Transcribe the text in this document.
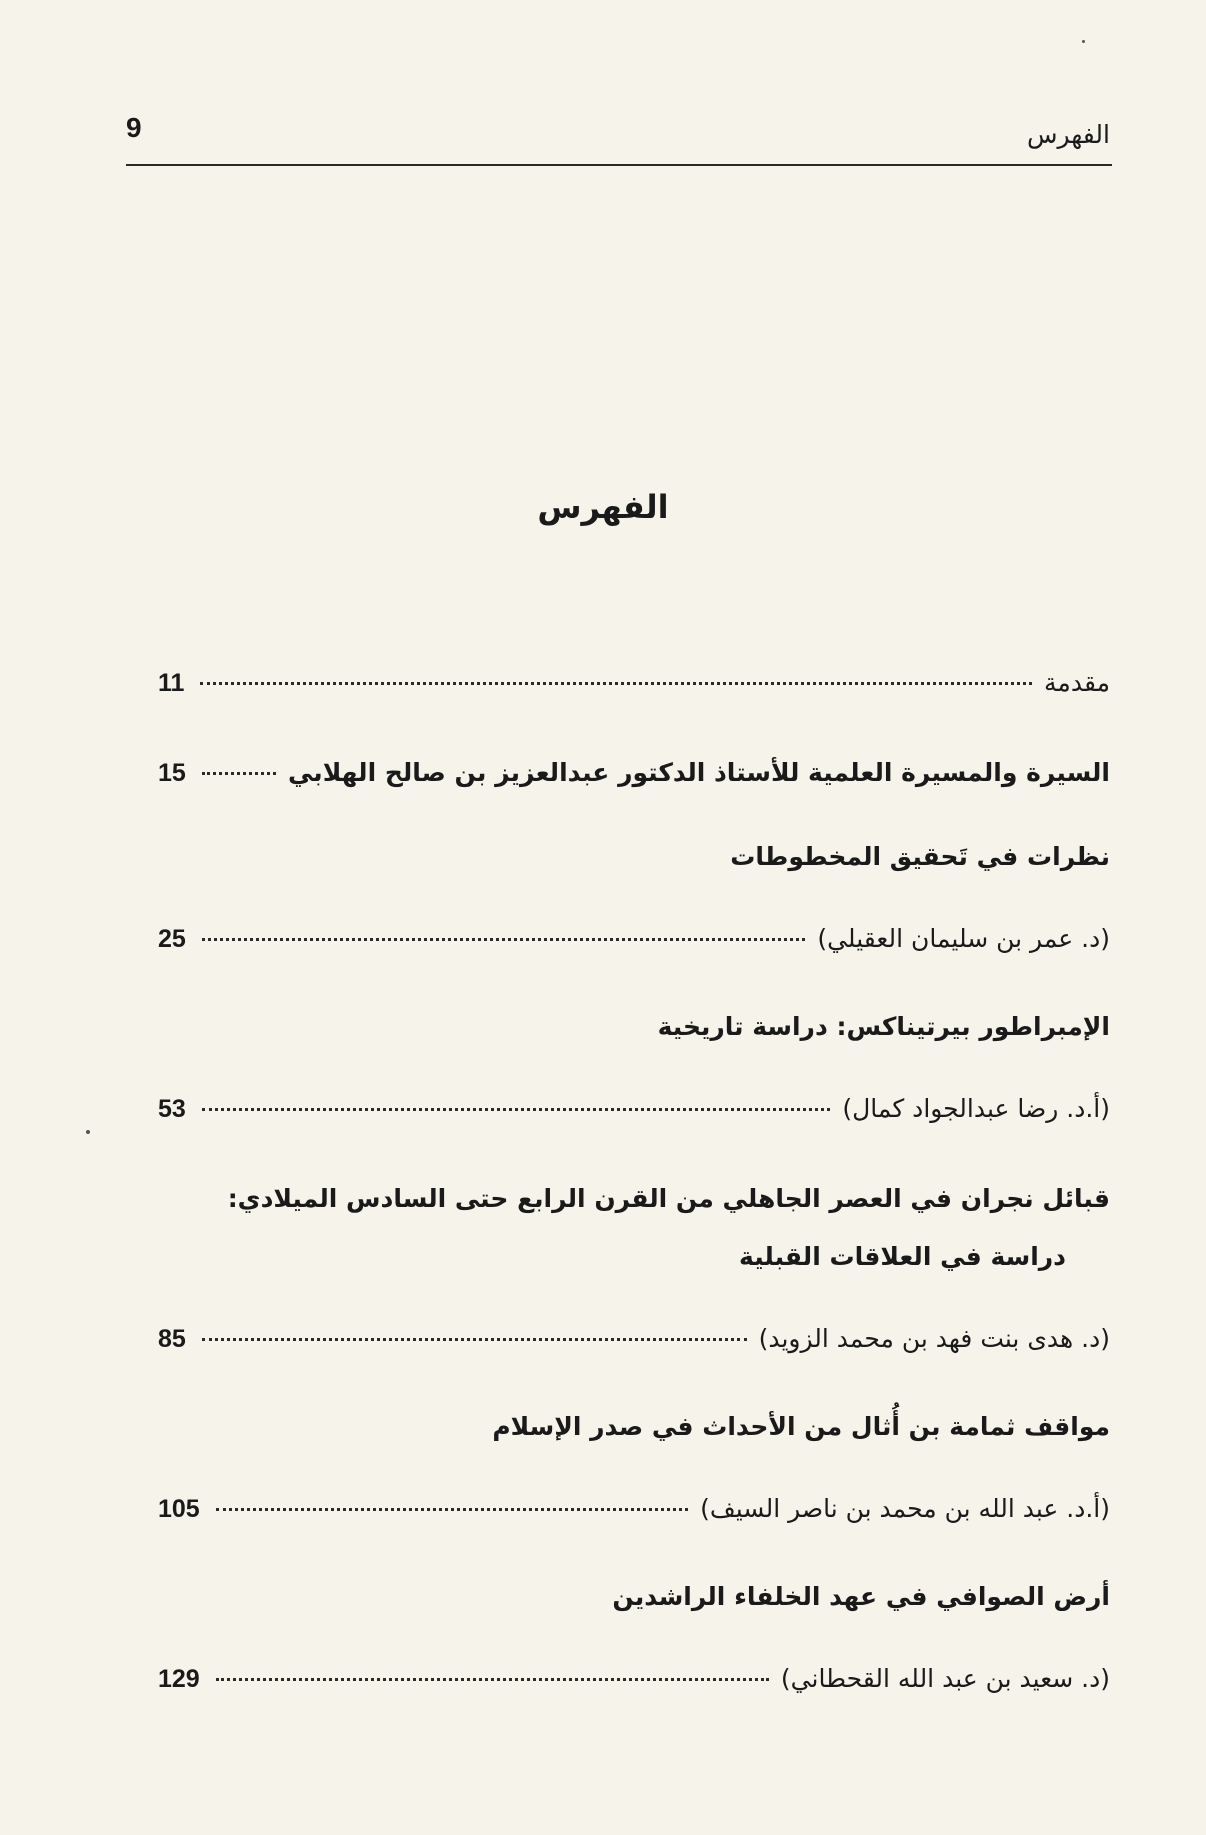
الفهرس
9
الفهرس
مقدمة
11
السيرة والمسيرة العلمية للأستاذ الدكتور عبدالعزيز بن صالح الهلابي
15
نظرات في تَحقيق المخطوطات
(د. عمر بن سليمان العقيلي)
25
الإمبراطور بيرتيناكس: دراسة تاريخية
(أ.د. رضا عبدالجواد كمال)
53
قبائل نجران في العصر الجاهلي من القرن الرابع حتى السادس الميلادي:
دراسة في العلاقات القبلية
(د. هدى بنت فهد بن محمد الزويد)
85
مواقف ثمامة بن أُثال من الأحداث في صدر الإسلام
(أ.د. عبد الله بن محمد بن ناصر السيف)
105
أرض الصوافي في عهد الخلفاء الراشدين
(د. سعيد بن عبد الله القحطاني)
129
